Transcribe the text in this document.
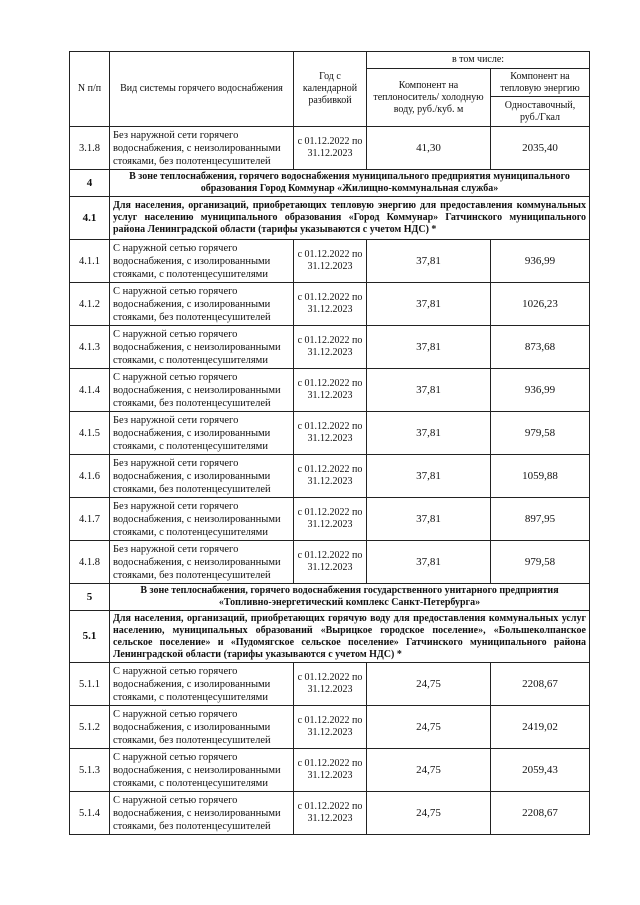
N п/п	Вид системы горячего водоснабжения	Год с календарной разбивкой	в том числе:	
			Компонент на теплоноситель/ холодную воду, руб./куб. м	Компонент на тепловую энергию
				Одноставочный, руб./Гкал
3.1.8	Без наружной сети горячего водоснабжения, с неизолированными стояками, без полотенцесушителей	с 01.12.2022 по 31.12.2023	41,30	2035,40
4	В зоне теплоснабжения, горячего водоснабжения муниципального предприятия муниципального образования Город Коммунар «Жилищно-коммунальная служба»			
4.1	Для населения, организаций, приобретающих тепловую энергию для предоставления коммунальных услуг населению муниципального образования «Город Коммунар» Гатчинского муниципального района Ленинградской области (тарифы указываются с учетом НДС) *			
4.1.1	С наружной сетью горячего водоснабжения, с изолированными стояками, с полотенцесушителями	с 01.12.2022 по 31.12.2023	37,81	936,99
4.1.2	С наружной сетью горячего водоснабжения, с изолированными стояками, без полотенцесушителей	с 01.12.2022 по 31.12.2023	37,81	1026,23
4.1.3	С наружной сетью горячего водоснабжения, с неизолированными стояками, с полотенцесушителями	с 01.12.2022 по 31.12.2023	37,81	873,68
4.1.4	С наружной сетью горячего водоснабжения, с неизолированными стояками, без полотенцесушителей	с 01.12.2022 по 31.12.2023	37,81	936,99
4.1.5	Без наружной сети горячего водоснабжения, с изолированными стояками, с полотенцесушителями	с 01.12.2022 по 31.12.2023	37,81	979,58
4.1.6	Без наружной сети горячего водоснабжения, с изолированными стояками, без полотенцесушителей	с 01.12.2022 по 31.12.2023	37,81	1059,88
4.1.7	Без наружной сети горячего водоснабжения, с неизолированными стояками, с полотенцесушителями	с 01.12.2022 по 31.12.2023	37,81	897,95
4.1.8	Без наружной сети горячего водоснабжения, с неизолированными стояками, без полотенцесушителей	с 01.12.2022 по 31.12.2023	37,81	979,58
5	В зоне теплоснабжения, горячего водоснабжения государственного унитарного предприятия «Топливно-энергетический комплекс Санкт-Петербурга»			
5.1	Для населения, организаций, приобретающих горячую воду для предоставления коммунальных услуг населению, муниципальных образований «Вырицкое городское поселение», «Большеколпанское сельское поселение» и «Пудомягское сельское поселение» Гатчинского муниципального района Ленинградской области (тарифы указываются с учетом НДС) *			
5.1.1	С наружной сетью горячего водоснабжения, с изолированными стояками, с полотенцесушителями	с 01.12.2022 по 31.12.2023	24,75	2208,67
5.1.2	С наружной сетью горячего водоснабжения, с изолированными стояками, без полотенцесушителей	с 01.12.2022 по 31.12.2023	24,75	2419,02
5.1.3	С наружной сетью горячего водоснабжения, с неизолированными стояками, с полотенцесушителями	с 01.12.2022 по 31.12.2023	24,75	2059,43
5.1.4	С наружной сетью горячего водоснабжения, с неизолированными стояками, без полотенцесушителей	с 01.12.2022 по 31.12.2023	24,75	2208,67
